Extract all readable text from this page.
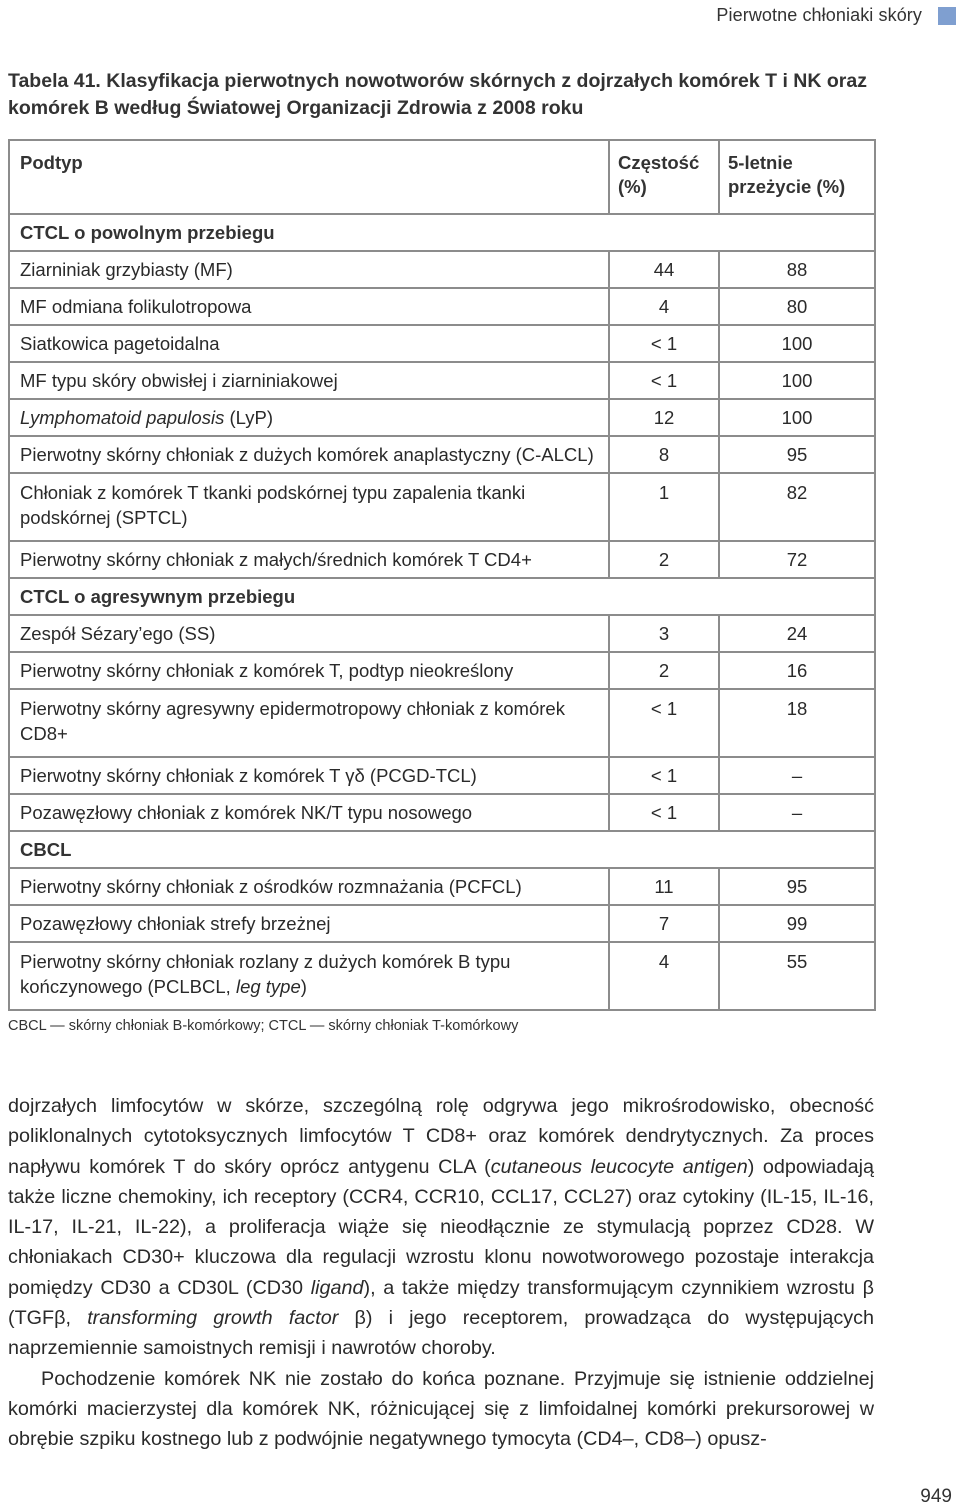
Pierwotne chłoniaki skóry
Tabela 41. Klasyfikacja pierwotnych nowotworów skórnych z dojrzałych komórek T i NK oraz komórek B według Światowej Organizacji Zdrowia z 2008 roku
Podtyp	Częstość (%)	5-letnie przeżycie (%)
CTCL o powolnym przebiegu		
Ziarniniak grzybiasty (MF)	44	88
MF odmiana folikulotropowa	4	80
Siatkowica pagetoidalna	< 1	100
MF typu skóry obwisłej i ziarniniakowej	< 1	100
Lymphomatoid papulosis (LyP)	12	100
Pierwotny skórny chłoniak z dużych komórek anaplastyczny (C-ALCL)	8	95
Chłoniak z komórek T tkanki podskórnej typu zapalenia tkanki podskórnej (SPTCL)	1	82
Pierwotny skórny chłoniak z małych/średnich komórek T CD4+	2	72
CTCL o agresywnym przebiegu		
Zespół Sézary’ego (SS)	3	24
Pierwotny skórny chłoniak z komórek T, podtyp nieokreślony	2	16
Pierwotny skórny agresywny epidermotropowy chłoniak z komórek CD8+	< 1	18
Pierwotny skórny chłoniak z komórek T γδ (PCGD-TCL)	< 1	–
Pozawęzłowy chłoniak z komórek NK/T typu nosowego	< 1	–
CBCL		
Pierwotny skórny chłoniak z ośrodków rozmnażania (PCFCL)	11	95
Pozawęzłowy chłoniak strefy brzeżnej	7	99
Pierwotny skórny chłoniak rozlany z dużych komórek B typu kończynowego (PCLBCL, leg type)	4	55
CBCL — skórny chłoniak B-komórkowy; CTCL — skórny chłoniak T-komórkowy

dojrzałych limfocytów w skórze, szczególną rolę odgrywa jego mikrośrodowisko, obecność poliklonalnych cytotoksycznych limfocytów T CD8+ oraz komórek dendrytycznych. Za proces napływu komórek T do skóry oprócz antygenu CLA (cutaneous leucocyte antigen) odpowiadają także liczne chemokiny, ich receptory (CCR4, CCR10, CCL17, CCL27) oraz cytokiny (IL-15, IL-16, IL-17, IL-21, IL-22), a proliferacja wiąże się nieodłącznie ze stymulacją poprzez CD28. W chłoniakach CD30+ kluczowa dla regulacji wzrostu klonu nowotworowego pozostaje interakcja pomiędzy CD30 a CD30L (CD30 ligand), a także między transformującym czynnikiem wzrostu β (TGFβ, transforming growth factor β) i jego receptorem, prowadząca do występujących naprzemiennie samoistnych remisji i nawrotów choroby.

Pochodzenie komórek NK nie zostało do końca poznane. Przyjmuje się istnienie oddzielnej komórki macierzystej dla komórek NK, różnicującej się z limfoidalnej komórki prekursorowej w obrębie szpiku kostnego lub z podwójnie negatywnego tymocyta (CD4–, CD8–) opusz-

949
